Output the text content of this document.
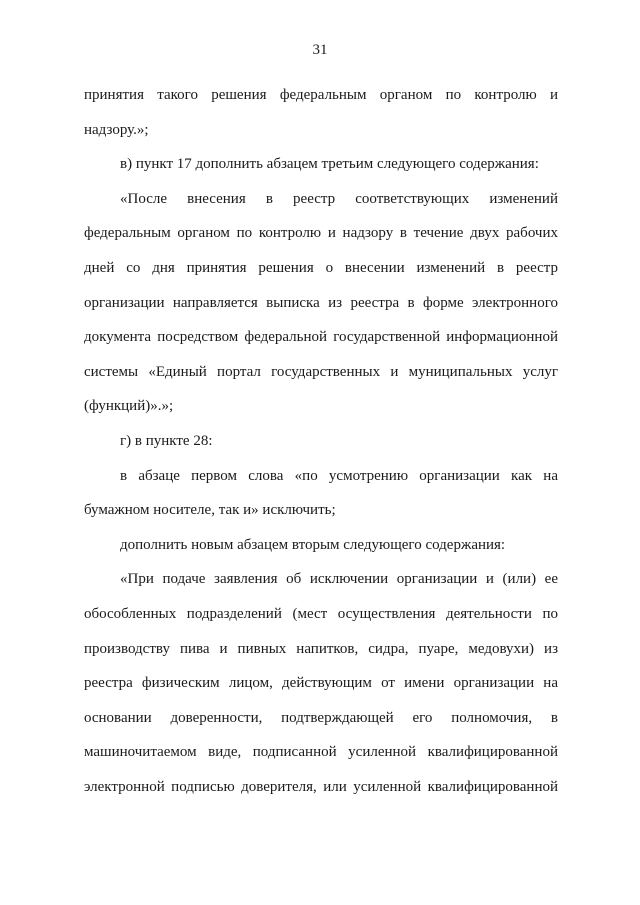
31
принятия такого решения федеральным органом по контролю и
надзору.»;
в) пункт 17 дополнить абзацем третьим следующего содержания:
«После внесения в реестр соответствующих изменений
федеральным органом по контролю и надзору в течение двух рабочих
дней со дня принятия решения о внесении изменений в реестр
организации направляется выписка из реестра в форме электронного
документа посредством федеральной государственной информационной
системы «Единый портал государственных и муниципальных услуг
(функций)».»;
г) в пункте 28:
в абзаце первом слова «по усмотрению организации как на
бумажном носителе, так и» исключить;
дополнить новым абзацем вторым следующего содержания:
«При подаче заявления об исключении организации и (или) ее
обособленных подразделений (мест осуществления деятельности по
производству пива и пивных напитков, сидра, пуаре, медовухи) из
реестра физическим лицом, действующим от имени организации на
основании доверенности, подтверждающей его полномочия, в
машиночитаемом виде, подписанной усиленной квалифицированной
электронной подписью доверителя, или усиленной квалифицированной
